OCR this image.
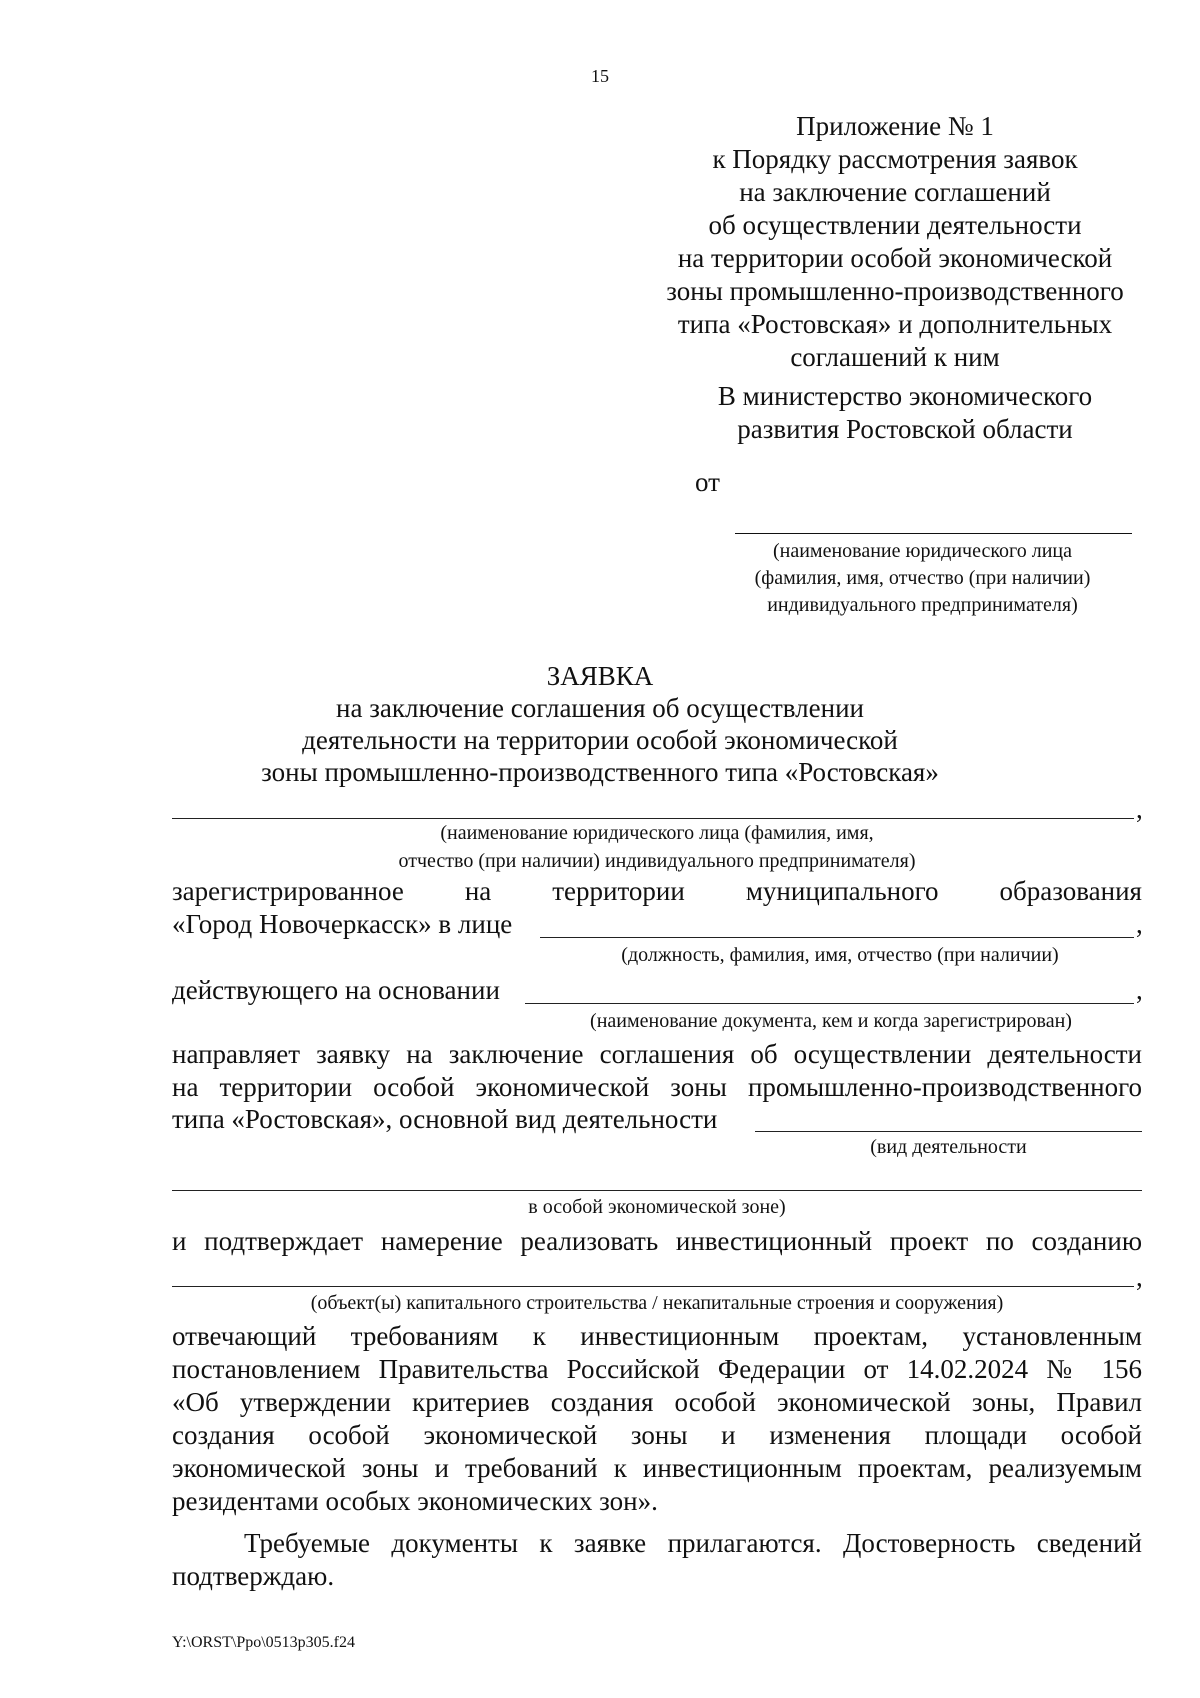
15
Приложение № 1
к Порядку рассмотрения заявок
на заключение соглашений
об осуществлении деятельности
на территории особой экономической
зоны промышленно-производственного
типа «Ростовская» и дополнительных
соглашений к ним
В министерство экономического
развития Ростовской области
от
(наименование юридического лица
(фамилия, имя, отчество (при наличии)
индивидуального предпринимателя)
ЗАЯВКА
на заключение соглашения об осуществлении
деятельности на территории особой экономической
зоны промышленно-производственного типа «Ростовская»
,
(наименование юридического лица (фамилия, имя,
отчество (при наличии) индивидуального предпринимателя)
зарегистрированное на территории муниципального образования
«Город Новочеркасск» в лице	,
(должность, фамилия, имя, отчество (при наличии)
действующего на основании	,
(наименование документа, кем и когда зарегистрирован)
направляет заявку на заключение соглашения об осуществлении деятельности
на территории особой экономической зоны промышленно-производственного
типа «Ростовская», основной вид деятельности
(вид деятельности
в особой экономической зоне)
и подтверждает намерение реализовать инвестиционный проект по созданию
,
(объект(ы) капитального строительства / некапитальные строения и сооружения)
отвечающий требованиям к инвестиционным проектам, установленным
постановлением Правительства Российской Федерации от 14.02.2024 № 156
«Об утверждении критериев создания особой экономической зоны, Правил
создания особой экономической зоны и изменения площади особой
экономической зоны и требований к инвестиционным проектам, реализуемым
резидентами особых экономических зон».
Требуемые документы к заявке прилагаются. Достоверность сведений
подтверждаю.
Y:\ORST\Ppo\0513p305.f24
